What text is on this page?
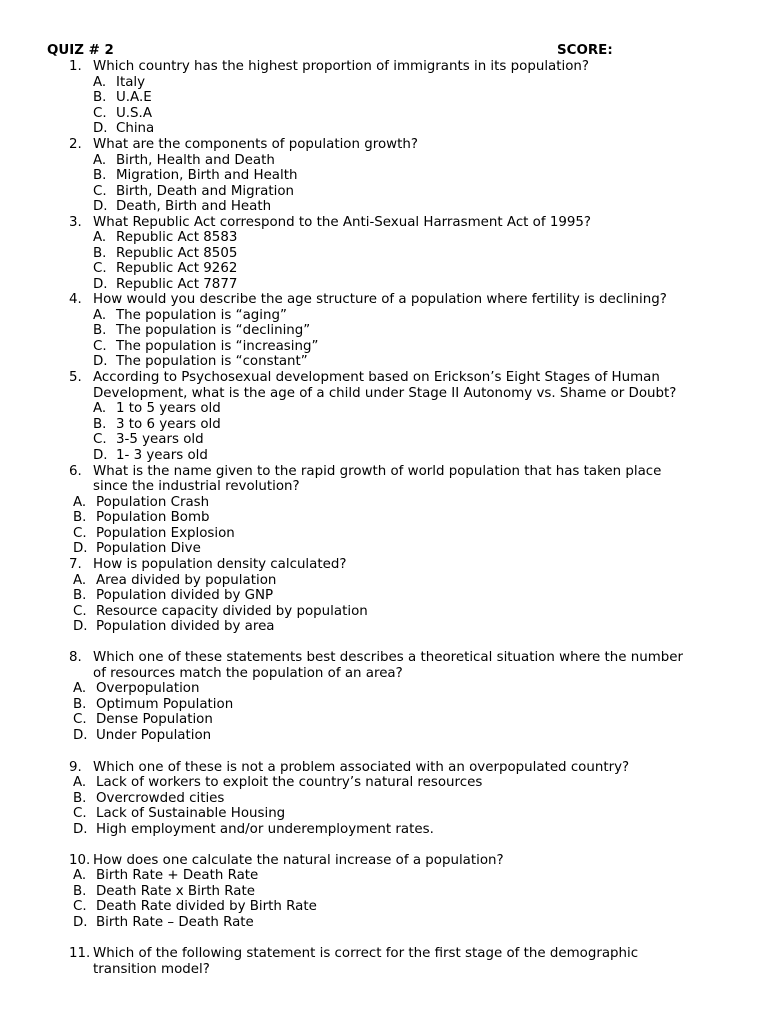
QUIZ # 2	SCORE:
1. Which country has the highest proportion of immigrants in its population?
A. Italy
B. U.A.E
C. U.S.A
D. China
2. What are the components of population growth?
A. Birth, Health and Death
B. Migration, Birth and Health
C. Birth, Death and Migration
D. Death, Birth and Heath
3. What Republic Act correspond to the Anti-Sexual Harrasment Act of 1995?
A. Republic Act 8583
B. Republic Act 8505
C. Republic Act 9262
D. Republic Act 7877
4. How would you describe the age structure of a population where fertility is declining?
A. The population is “aging”
B. The population is “declining”
C. The population is “increasing”
D. The population is “constant”
5. According to Psychosexual development based on Erickson’s Eight Stages of Human
Development, what is the age of a child under Stage II Autonomy vs. Shame or Doubt?
A. 1 to 5 years old
B. 3 to 6 years old
C. 3-5 years old
D. 1- 3 years old
6. What is the name given to the rapid growth of world population that has taken place
since the industrial revolution?
A. Population Crash
B. Population Bomb
C. Population Explosion
D. Population Dive
7. How is population density calculated?
A. Area divided by population
B. Population divided by GNP
C. Resource capacity divided by population
D. Population divided by area
8. Which one of these statements best describes a theoretical situation where the number
of resources match the population of an area?
A. Overpopulation
B. Optimum Population
C. Dense Population
D. Under Population
9. Which one of these is not a problem associated with an overpopulated country?
A. Lack of workers to exploit the country’s natural resources
B. Overcrowded cities
C. Lack of Sustainable Housing
D. High employment and/or underemployment rates.
10. How does one calculate the natural increase of a population?
A. Birth Rate + Death Rate
B. Death Rate x Birth Rate
C. Death Rate divided by Birth Rate
D. Birth Rate – Death Rate
11. Which of the following statement is correct for the first stage of the demographic
transition model?
